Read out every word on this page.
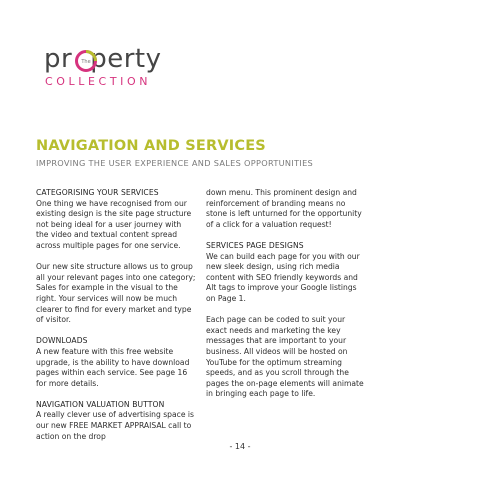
pr perty
The
COLLECTION
NAVIGATION AND SERVICES
IMPROVING THE USER EXPERIENCE AND SALES OPPORTUNITIES
CATEGORISING YOUR SERVICES
One thing we have recognised from our existing design is the site page structure not being ideal for a user journey with the video and textual content spread across multiple pages for one service.
Our new site structure allows us to group all your relevant pages into one category; Sales for example in the visual to the right. Your services will now be much clearer to find for every market and type of visitor.
DOWNLOADS
A new feature with this free website upgrade, is the ability to have download pages within each service. See page 16 for more details.
NAVIGATION VALUATION BUTTON
A really clever use of advertising space is our new FREE MARKET APPRAISAL call to action on the drop
down menu. This prominent design and reinforcement of branding means no stone is left unturned for the opportunity of a click for a valuation request!
SERVICES PAGE DESIGNS
We can build each page for you with our new sleek design, using rich media content with SEO friendly keywords and Alt tags to improve your Google listings on Page 1.
Each page can be coded to suit your exact needs and marketing the key messages that are important to your business. All videos will be hosted on YouTube for the optimum streaming speeds, and as you scroll through the pages the on-page elements will animate in bringing each page to life.
- 14 -
